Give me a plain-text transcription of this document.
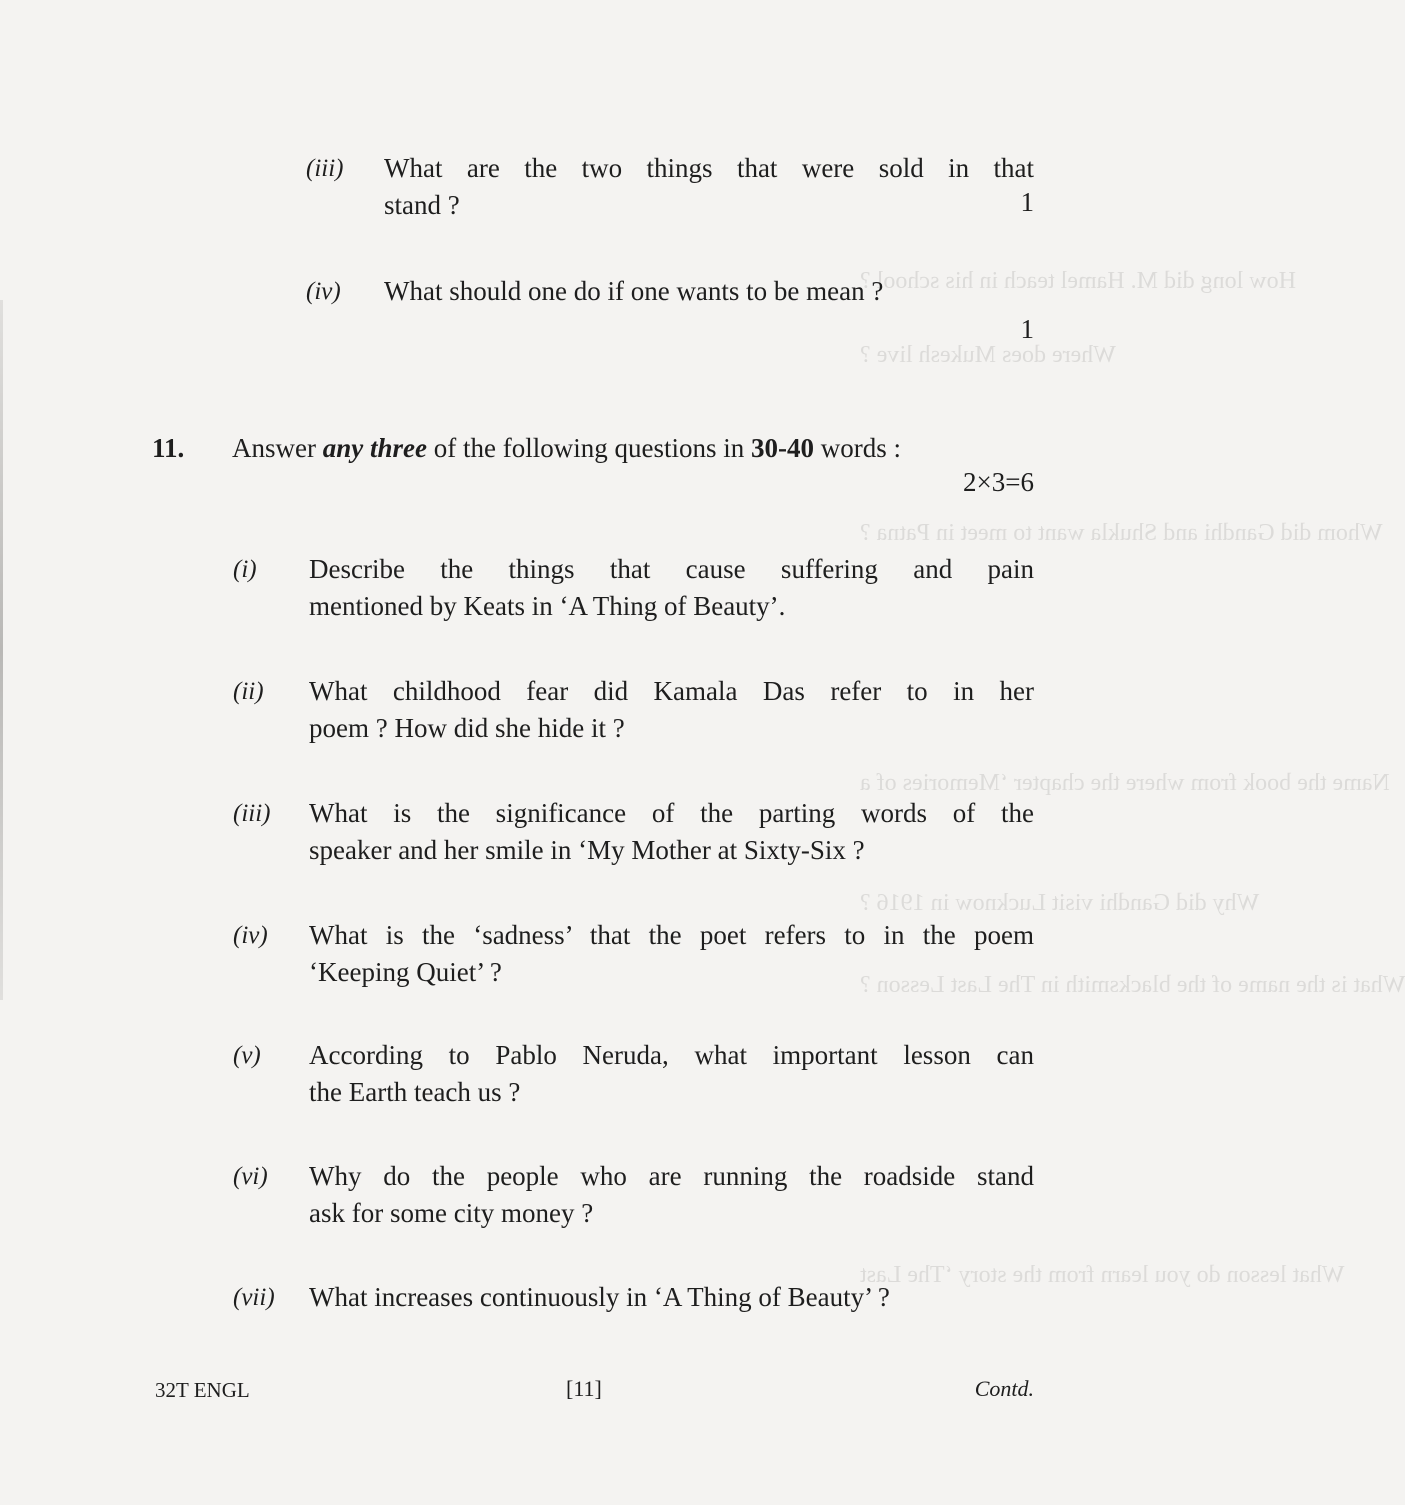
How long did M. Hamel teach in his school ?
Where does Mukesh live ?
Whom did Gandhi and Shukla want to meet in Patna ?
Name the book from where the chapter ‘Memories of a
Why did Gandhi visit Lucknow in 1916 ?
What is the name of the blacksmith in The Last Lesson ?
What lesson do you learn from the story ‘The Last
(iii) What are the two things that were sold in that
stand ?	1
(iv) What should one do if one wants to be mean ?
1
11. Answer any three of the following questions in 30-40 words :
2×3=6
(i) Describe the things that cause suffering and pain
mentioned by Keats in ‘A Thing of Beauty’.
(ii) What childhood fear did Kamala Das refer to in her
poem ? How did she hide it ?
(iii) What is the significance of the parting words of the
speaker and her smile in ‘My Mother at Sixty-Six ?
(iv) What is the ‘sadness’ that the poet refers to in the poem
‘Keeping Quiet’ ?
(v) According to Pablo Neruda, what important lesson can
the Earth teach us ?
(vi) Why do the people who are running the roadside stand
ask for some city money ?
(vii) What increases continuously in ‘A Thing of Beauty’ ?
32T ENGL	[11]	Contd.
